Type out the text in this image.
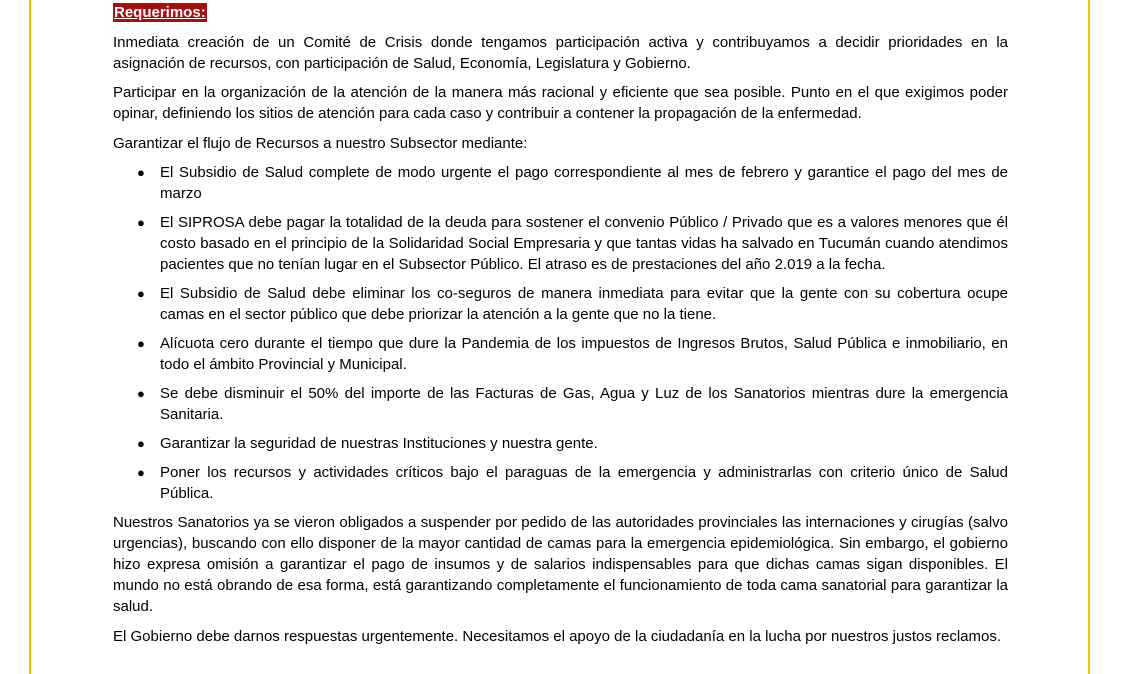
Requerimos:

Inmediata creación de un Comité de Crisis donde tengamos participación activa y contribuyamos a decidir prioridades en la asignación de recursos, con participación de Salud, Economía, Legislatura y Gobierno.

Participar en la organización de la atención de la manera más racional y eficiente que sea posible. Punto en el que exigimos poder opinar, definiendo los sitios de atención para cada caso y contribuir a contener la propagación de la enfermedad.

Garantizar el flujo de Recursos a nuestro Subsector mediante:

● El Subsidio de Salud complete de modo urgente el pago correspondiente al mes de febrero y garantice el pago del mes de marzo
● El SIPROSA debe pagar la totalidad de la deuda para sostener el convenio Público / Privado que es a valores menores que él costo basado en el principio de la Solidaridad Social Empresaria y que tantas vidas ha salvado en Tucumán cuando atendimos pacientes que no tenían lugar en el Subsector Público. El atraso es de prestaciones del año 2.019 a la fecha.
● El Subsidio de Salud debe eliminar los co-seguros de manera inmediata para evitar que la gente con su cobertura ocupe camas en el sector público que debe priorizar la atención a la gente que no la tiene.
● Alícuota cero durante el tiempo que dure la Pandemia de los impuestos de Ingresos Brutos, Salud Pública e inmobiliario, en todo el ámbito Provincial y Municipal.
● Se debe disminuir el 50% del importe de las Facturas de Gas, Agua y Luz de los Sanatorios mientras dure la emergencia Sanitaria.
● Garantizar la seguridad de nuestras Instituciones y nuestra gente.
● Poner los recursos y actividades críticos bajo el paraguas de la emergencia y administrarlas con criterio único de Salud Pública.

Nuestros Sanatorios ya se vieron obligados a suspender por pedido de las autoridades provinciales las internaciones y cirugías (salvo urgencias), buscando con ello disponer de la mayor cantidad de camas para la emergencia epidemiológica. Sin embargo, el gobierno hizo expresa omisión a garantizar el pago de insumos y de salarios indispensables para que dichas camas sigan disponibles. El mundo no está obrando de esa forma, está garantizando completamente el funcionamiento de toda cama sanatorial para garantizar la salud.

El Gobierno debe darnos respuestas urgentemente. Necesitamos el apoyo de la ciudadanía en la lucha por nuestros justos reclamos.
